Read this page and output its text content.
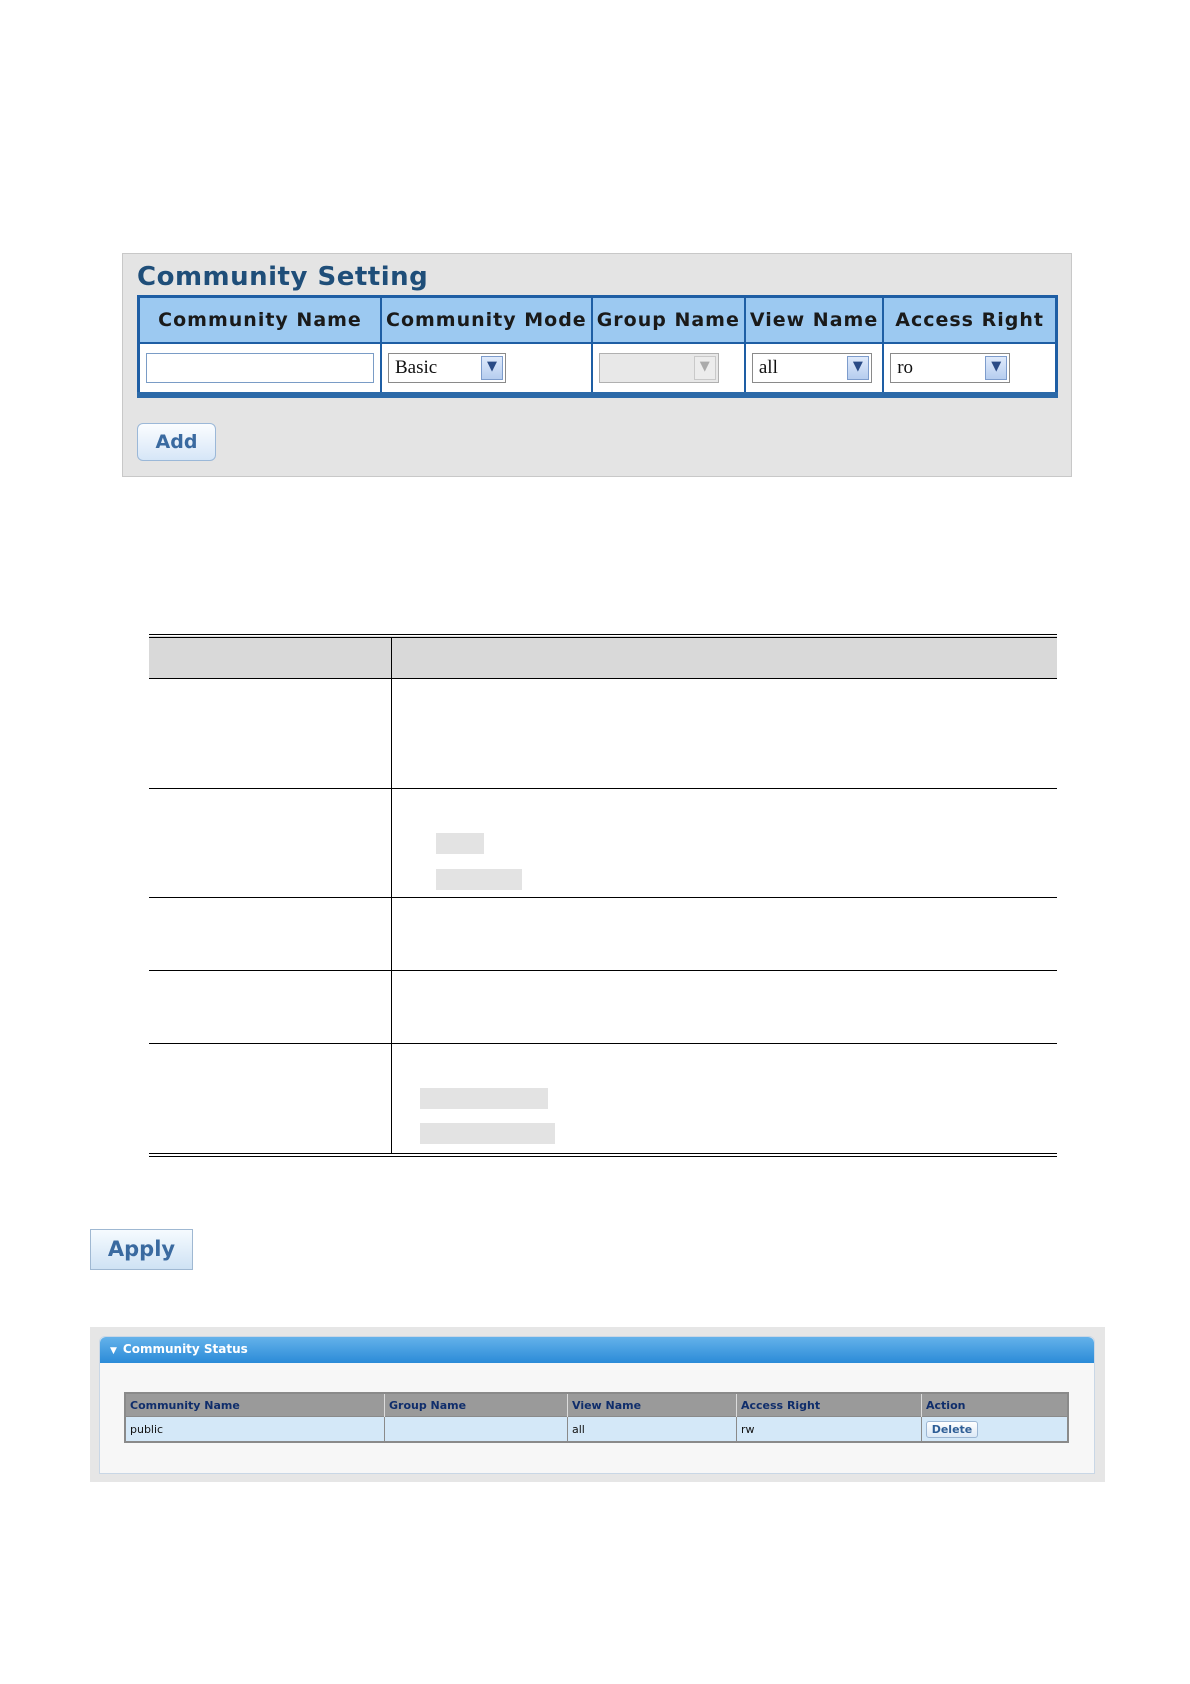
Community Setting
Community Name	Community Mode	Group Name	View Name	Access Right

	Basic ▼	▼	all ▼	ro ▼
Add

Apply
▼ Community Status
Community Name	Group Name	View Name	Access Right	Action
public		all	rw	Delete
